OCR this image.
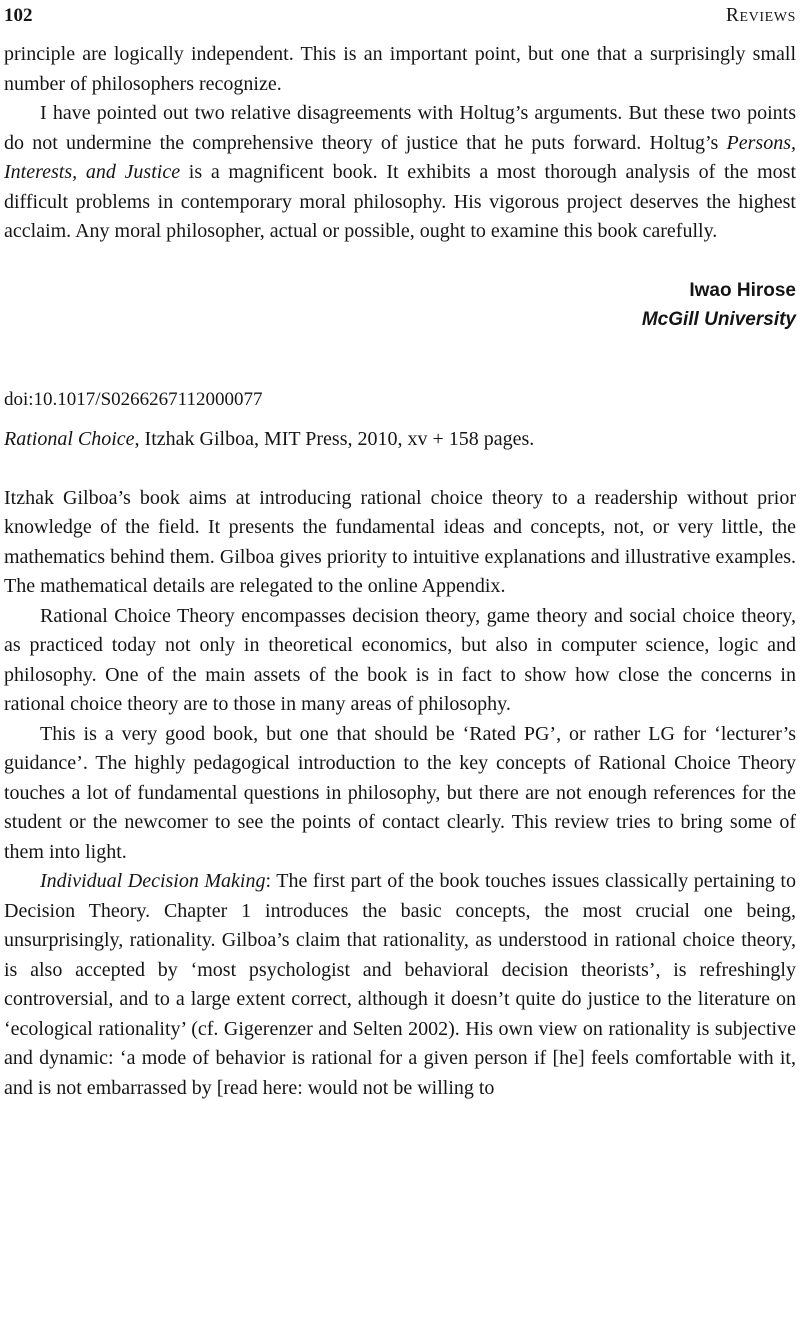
102	Reviews

principle are logically independent. This is an important point, but one that a surprisingly small number of philosophers recognize.

I have pointed out two relative disagreements with Holtug’s arguments. But these two points do not undermine the comprehensive theory of justice that he puts forward. Holtug’s Persons, Interests, and Justice is a magnificent book. It exhibits a most thorough analysis of the most difficult problems in contemporary moral philosophy. His vigorous project deserves the highest acclaim. Any moral philosopher, actual or possible, ought to examine this book carefully.

Iwao Hirose
McGill University
doi:10.1017/S0266267112000077

Rational Choice, Itzhak Gilboa, MIT Press, 2010, xv + 158 pages.

Itzhak Gilboa’s book aims at introducing rational choice theory to a readership without prior knowledge of the field. It presents the fundamental ideas and concepts, not, or very little, the mathematics behind them. Gilboa gives priority to intuitive explanations and illustrative examples. The mathematical details are relegated to the online Appendix.

Rational Choice Theory encompasses decision theory, game theory and social choice theory, as practiced today not only in theoretical economics, but also in computer science, logic and philosophy. One of the main assets of the book is in fact to show how close the concerns in rational choice theory are to those in many areas of philosophy.

This is a very good book, but one that should be ‘Rated PG’, or rather LG for ‘lecturer’s guidance’. The highly pedagogical introduction to the key concepts of Rational Choice Theory touches a lot of fundamental questions in philosophy, but there are not enough references for the student or the newcomer to see the points of contact clearly. This review tries to bring some of them into light.

Individual Decision Making: The first part of the book touches issues classically pertaining to Decision Theory. Chapter 1 introduces the basic concepts, the most crucial one being, unsurprisingly, rationality. Gilboa’s claim that rationality, as understood in rational choice theory, is also accepted by ‘most psychologist and behavioral decision theorists’, is refreshingly controversial, and to a large extent correct, although it doesn’t quite do justice to the literature on ‘ecological rationality’ (cf. Gigerenzer and Selten 2002). His own view on rationality is subjective and dynamic: ‘a mode of behavior is rational for a given person if [he] feels comfortable with it, and is not embarrassed by [read here: would not be willing to
